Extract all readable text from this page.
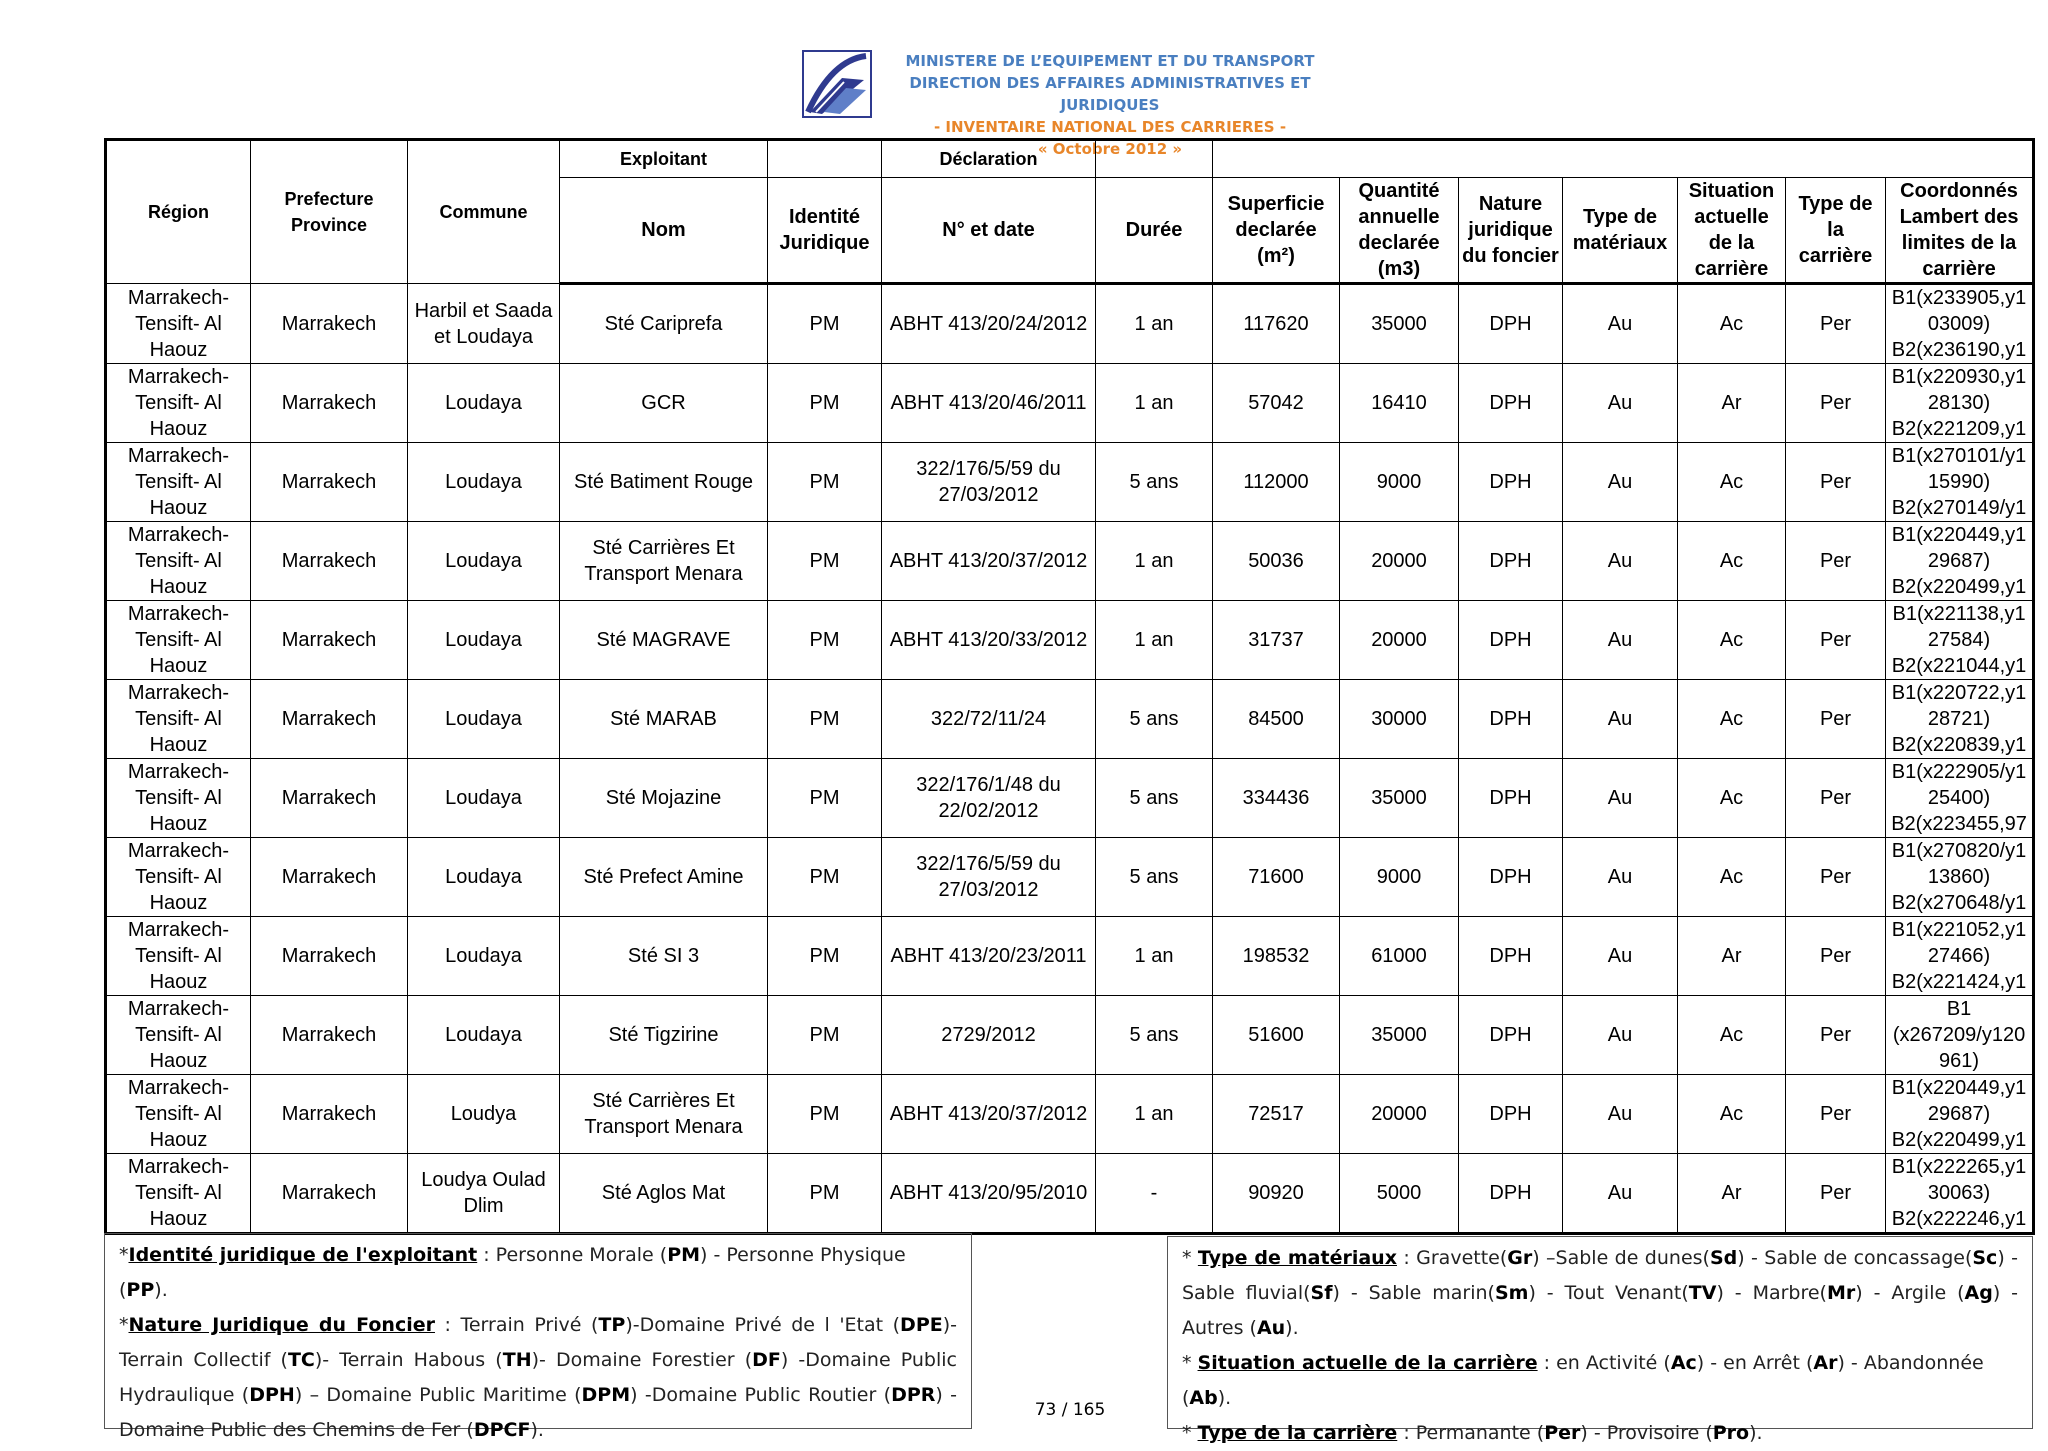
MINISTERE DE L’EQUIPEMENT ET DU TRANSPORT
DIRECTION DES AFFAIRES ADMINISTRATIVES ET JURIDIQUES
- INVENTAIRE NATIONAL DES CARRIERES -
« Octobre 2012 »
Région	Prefecture Province	Commune	Exploitant		Déclaration								
			Nom	Identité Juridique	N° et date	Durée	Superficie declarée (m²)	Quantité annuelle declarée (m3)	Nature juridique du foncier	Type de matériaux	Situation actuelle de la carrière	Type de la carrière	Coordonnés Lambert des limites de la carrière
Marrakech-Tensift- Al Haouz	Marrakech	Harbil et Saada et Loudaya	Sté Cariprefa	PM	ABHT 413/20/24/2012	1 an	117620	35000	DPH	Au	Ac	Per	B1(x233905,y1
03009)
B2(x236190,y1

Marrakech-Tensift- Al Haouz	Marrakech	Loudaya	GCR	PM	ABHT 413/20/46/2011	1 an	57042	16410	DPH	Au	Ar	Per	B1(x220930,y1
28130)
B2(x221209,y1

Marrakech-Tensift- Al Haouz	Marrakech	Loudaya	Sté Batiment Rouge	PM	322/176/5/59 du 27/03/2012	5 ans	112000	9000	DPH	Au	Ac	Per	B1(x270101/y1
15990)
B2(x270149/y1

Marrakech-Tensift- Al Haouz	Marrakech	Loudaya	Sté Carrières Et Transport Menara	PM	ABHT 413/20/37/2012	1 an	50036	20000	DPH	Au	Ac	Per	B1(x220449,y1
29687)
B2(x220499,y1

Marrakech-Tensift- Al Haouz	Marrakech	Loudaya	Sté MAGRAVE	PM	ABHT 413/20/33/2012	1 an	31737	20000	DPH	Au	Ac	Per	B1(x221138,y1
27584)
B2(x221044,y1

Marrakech-Tensift- Al Haouz	Marrakech	Loudaya	Sté MARAB	PM	322/72/11/24	5 ans	84500	30000	DPH	Au	Ac	Per	B1(x220722,y1
28721)
B2(x220839,y1

Marrakech-Tensift- Al Haouz	Marrakech	Loudaya	Sté Mojazine	PM	322/176/1/48 du 22/02/2012	5 ans	334436	35000	DPH	Au	Ac	Per	B1(x222905/y1
25400)
B2(x223455,97

Marrakech-Tensift- Al Haouz	Marrakech	Loudaya	Sté Prefect Amine	PM	322/176/5/59 du 27/03/2012	5 ans	71600	9000	DPH	Au	Ac	Per	B1(x270820/y1
13860)
B2(x270648/y1

Marrakech-Tensift- Al Haouz	Marrakech	Loudaya	Sté SI 3	PM	ABHT 413/20/23/2011	1 an	198532	61000	DPH	Au	Ar	Per	B1(x221052,y1
27466)
B2(x221424,y1

Marrakech-Tensift- Al Haouz	Marrakech	Loudaya	Sté Tigzirine	PM	2729/2012	5 ans	51600	35000	DPH	Au	Ac	Per	B1
(x267209/y120
961)

Marrakech-Tensift- Al Haouz	Marrakech	Loudya	Sté Carrières Et Transport Menara	PM	ABHT 413/20/37/2012	1 an	72517	20000	DPH	Au	Ac	Per	B1(x220449,y1
29687)
B2(x220499,y1

Marrakech-Tensift- Al Haouz	Marrakech	Loudya Oulad Dlim	Sté Aglos Mat	PM	ABHT 413/20/95/2010	-	90920	5000	DPH	Au	Ar	Per	B1(x222265,y1
30063)
B2(x222246,y1
*Identité juridique de l'exploitant : Personne Morale (PM) - Personne Physique (PP).
*Nature Juridique du Foncier : Terrain Privé (TP)-Domaine Privé de l 'Etat (DPE)- Terrain Collectif (TC)- Terrain Habous (TH)- Domaine Forestier (DF) -Domaine Public Hydraulique (DPH) – Domaine Public Maritime (DPM) -Domaine Public Routier (DPR) - Domaine Public des Chemins de Fer (DPCF).
* Type de matériaux : Gravette(Gr) –Sable de dunes(Sd) - Sable de concassage(Sc) - Sable fluvial(Sf) - Sable marin(Sm) - Tout Venant(TV) - Marbre(Mr) - Argile (Ag) - Autres (Au).
* Situation actuelle de la carrière : en Activité (Ac) - en Arrêt (Ar) - Abandonnée (Ab).
* Type de la carrière : Permanante (Per) - Provisoire (Pro).
73 / 165
